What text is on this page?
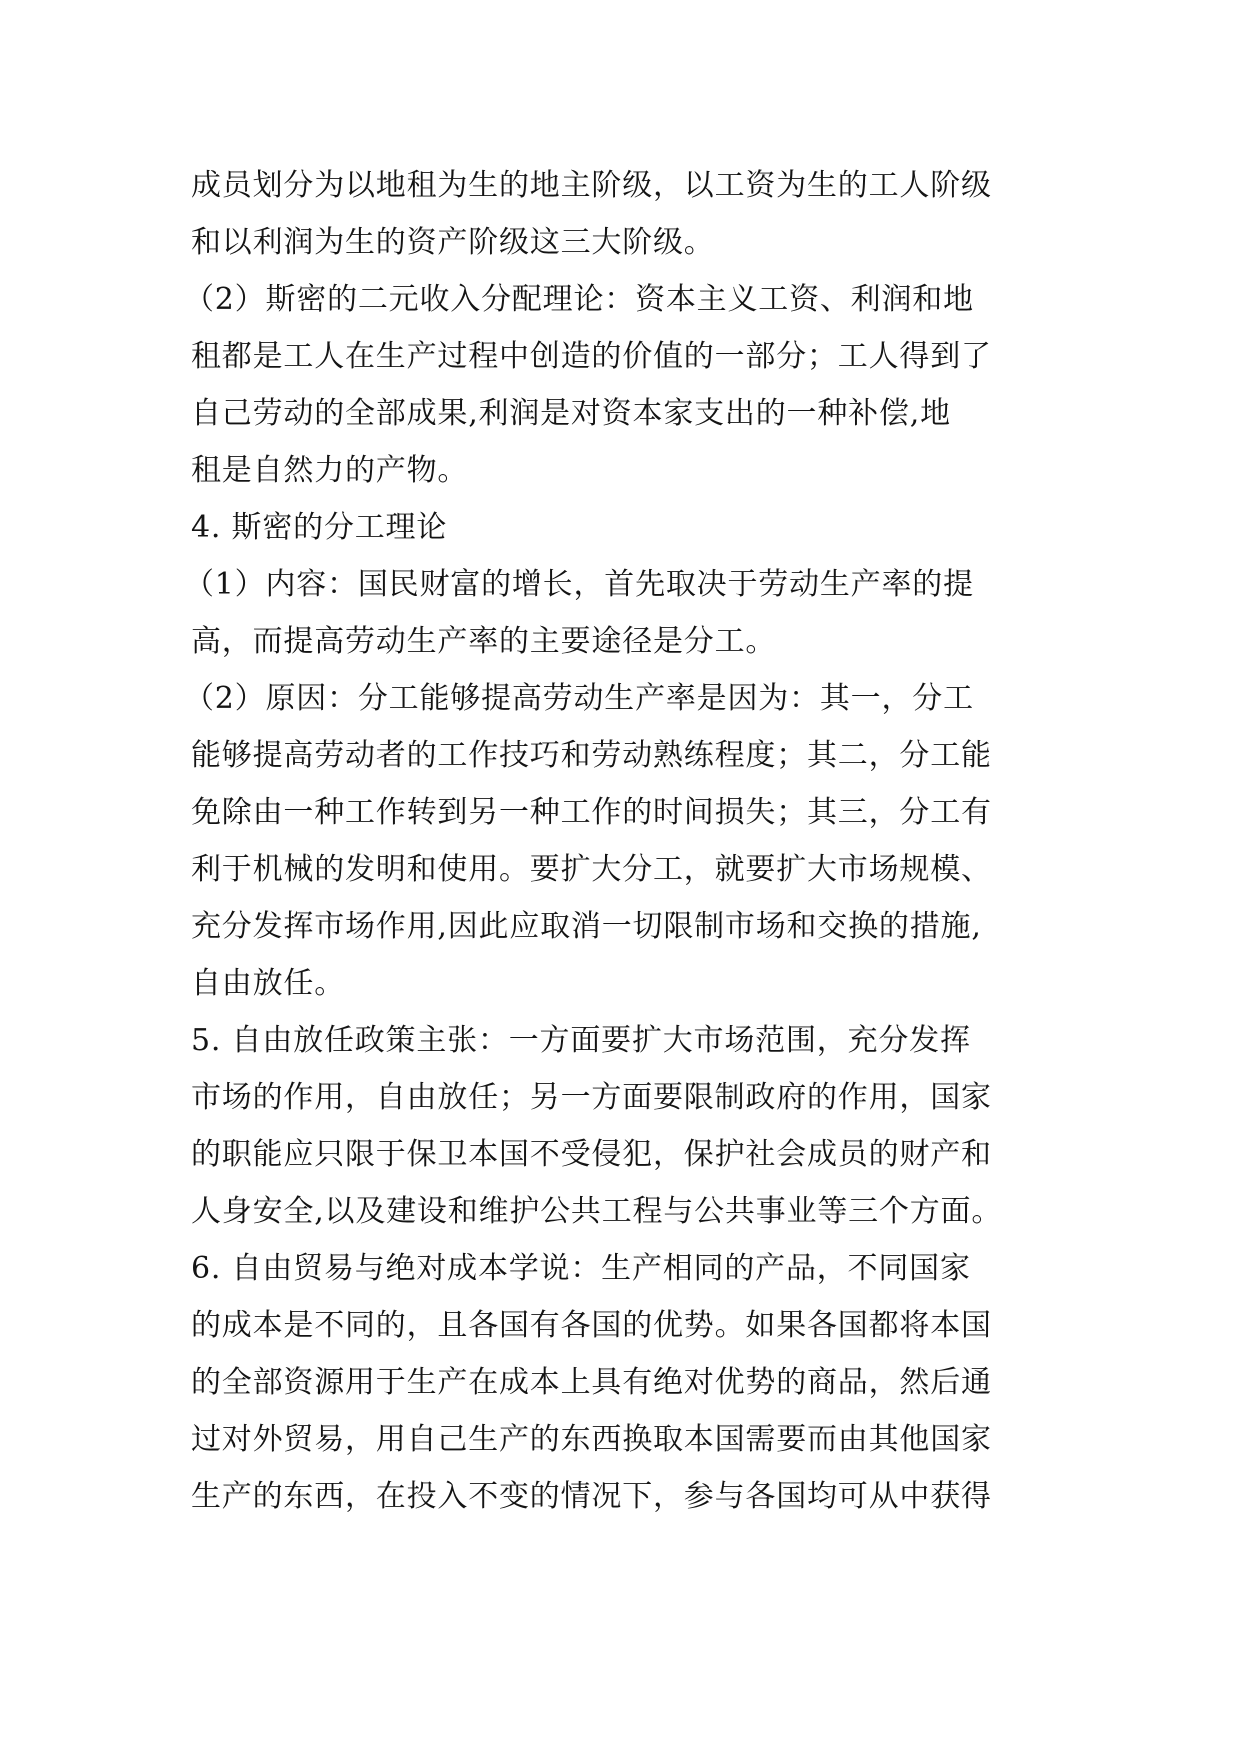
成员划分为以地租为生的地主阶级，以工资为生的工人阶级
和以利润为生的资产阶级这三大阶级。
（2）斯密的二元收入分配理论：资本主义工资、利润和地
租都是工人在生产过程中创造的价值的一部分；工人得到了
自己劳动的全部成果,利润是对资本家支出的一种补偿,地
租是自然力的产物。
4. 斯密的分工理论
（1）内容：国民财富的增长，首先取决于劳动生产率的提
高，而提高劳动生产率的主要途径是分工。
（2）原因：分工能够提高劳动生产率是因为：其一，分工
能够提高劳动者的工作技巧和劳动熟练程度；其二，分工能
免除由一种工作转到另一种工作的时间损失；其三，分工有
利于机械的发明和使用。要扩大分工，就要扩大市场规模、
充分发挥市场作用,因此应取消一切限制市场和交换的措施,
自由放任。
5. 自由放任政策主张：一方面要扩大市场范围，充分发挥
市场的作用，自由放任；另一方面要限制政府的作用，国家
的职能应只限于保卫本国不受侵犯，保护社会成员的财产和
人身安全,以及建设和维护公共工程与公共事业等三个方面。
6. 自由贸易与绝对成本学说：生产相同的产品，不同国家
的成本是不同的，且各国有各国的优势。如果各国都将本国
的全部资源用于生产在成本上具有绝对优势的商品，然后通
过对外贸易，用自己生产的东西换取本国需要而由其他国家
生产的东西，在投入不变的情况下，参与各国均可从中获得
